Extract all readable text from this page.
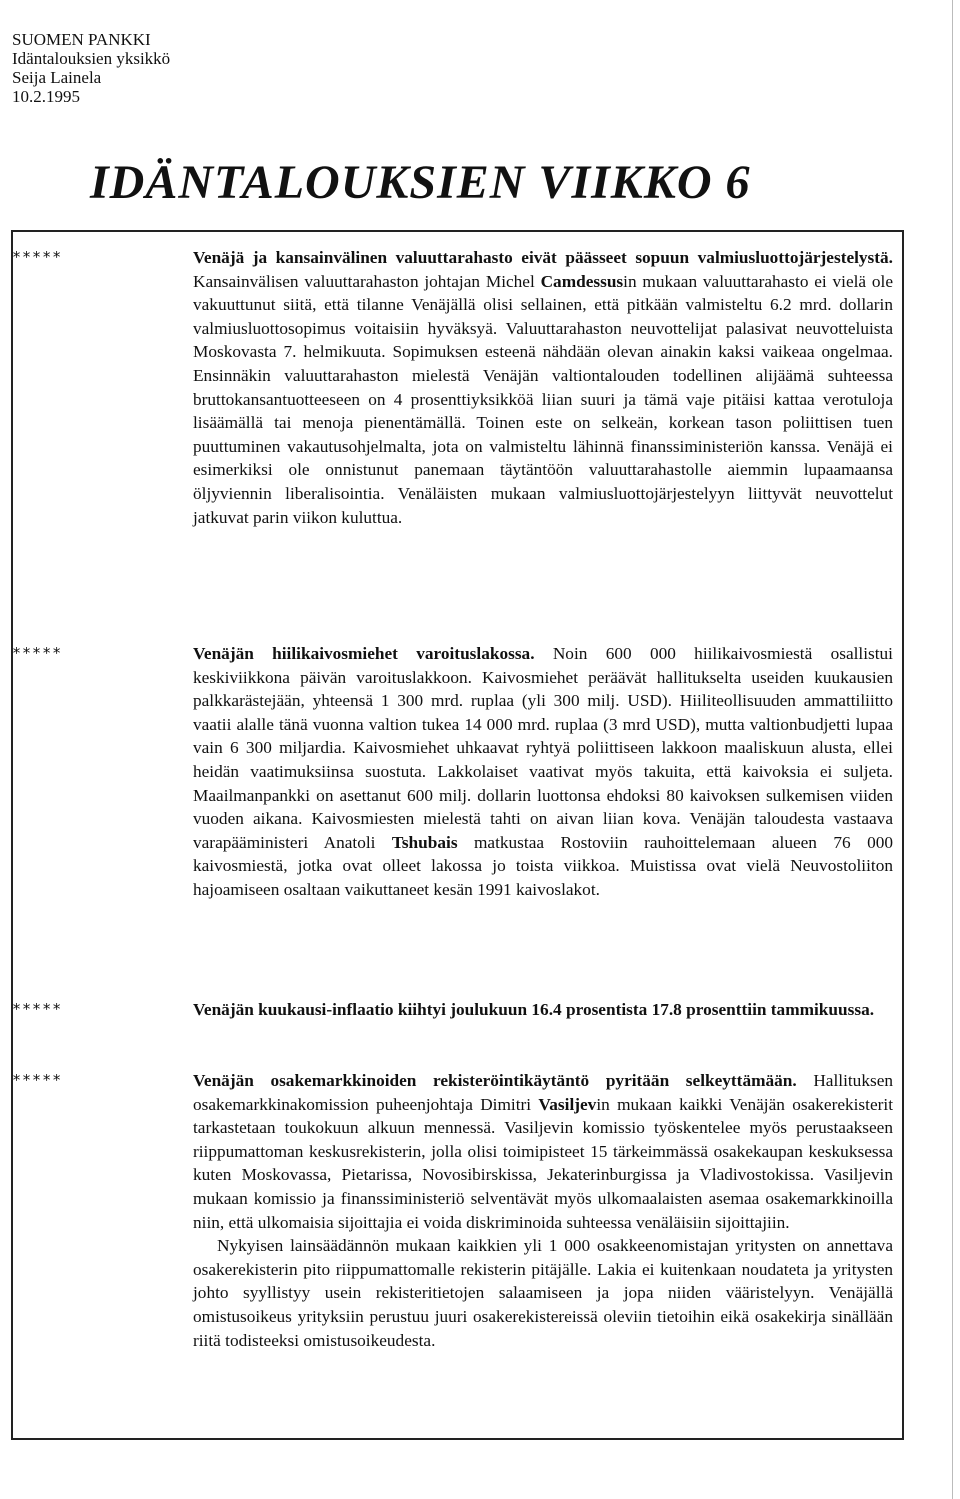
SUOMEN PANKKI
Idäntalouksien yksikkö
Seija Lainela
10.2.1995
IDÄNTALOUKSIEN VIIKKO 6
*****	Venäjä ja kansainvälinen valuuttarahasto eivät päässeet sopuun valmiusluottojärjestelystä. Kansainvälisen valuuttarahaston johtajan Michel Camdessusin mukaan valuuttarahasto ei vielä ole vakuuttunut siitä, että tilanne Venäjällä olisi sellainen, että pitkään valmisteltu 6.2 mrd. dollarin valmiusluottosopimus voitaisiin hyväksyä. Valuuttarahaston neuvottelijat palasivat neuvotteluista Moskovasta 7. helmikuuta. Sopimuksen esteenä nähdään olevan ainakin kaksi vaikeaa ongelmaa. Ensinnäkin valuuttarahaston mielestä Venäjän valtiontalouden todellinen alijäämä suhteessa bruttokansantuotteeseen on 4 prosenttiyksikköä liian suuri ja tämä vaje pitäisi kattaa verotuloja lisäämällä tai menoja pienentämällä. Toinen este on selkeän, korkean tason poliittisen tuen puuttuminen vakautusohjelmalta, jota on valmisteltu lähinnä finanssiministeriön kanssa. Venäjä ei esimerkiksi ole onnistunut panemaan täytäntöön valuuttarahastolle aiemmin lupaamaansa öljyviennin liberalisointia. Venäläisten mukaan valmiusluottojärjestelyyn liittyvät neuvottelut jatkuvat parin viikon kuluttua.

*****	Venäjän hiilikaivosmiehet varoituslakossa. Noin 600 000 hiilikaivosmiestä osallistui keskiviikkona päivän varoituslakkoon. Kaivosmiehet peräävät hallitukselta useiden kuukausien palkkarästejään, yhteensä 1 300 mrd. ruplaa (yli 300 milj. USD). Hiiliteollisuuden ammattiliitto vaatii alalle tänä vuonna valtion tukea 14 000 mrd. ruplaa (3 mrd USD), mutta valtionbudjetti lupaa vain 6 300 miljardia. Kaivosmiehet uhkaavat ryhtyä poliittiseen lakkoon maaliskuun alusta, ellei heidän vaatimuksiinsa suostuta. Lakkolaiset vaativat myös takuita, että kaivoksia ei suljeta. Maailmanpankki on asettanut 600 milj. dollarin luottonsa ehdoksi 80 kaivoksen sulkemisen viiden vuoden aikana. Kaivosmiesten mielestä tahti on aivan liian kova. Venäjän taloudesta vastaava varapääministeri Anatoli Tshubais matkustaa Rostoviin rauhoittelemaan alueen 76 000 kaivosmiestä, jotka ovat olleet lakossa jo toista viikkoa. Muistissa ovat vielä Neuvostoliiton hajoamiseen osaltaan vaikuttaneet kesän 1991 kaivoslakot.

*****	Venäjän kuukausi-inflaatio kiihtyi joulukuun 16.4 prosentista 17.8 prosenttiin tammikuussa.

*****	Venäjän osakemarkkinoiden rekisteröintikäytäntö pyritään selkeyttämään. Hallituksen osakemarkkinakomission puheenjohtaja Dimitri Vasiljevin mukaan kaikki Venäjän osakerekisterit tarkastetaan toukokuun alkuun mennessä. Vasiljevin komissio työskentelee myös perustaakseen riippumattoman keskusrekisterin, jolla olisi toimipisteet 15 tärkeimmässä osakekaupan keskuksessa kuten Moskovassa, Pietarissa, Novosibirskissa, Jekaterinburgissa ja Vladivostokissa. Vasiljevin mukaan komissio ja finanssiministeriö selventävät myös ulkomaalaisten asemaa osakemarkkinoilla niin, että ulkomaisia sijoittajia ei voida diskriminoida suhteessa venäläisiin sijoittajiin.

Nykyisen lainsäädännön mukaan kaikkien yli 1 000 osakkeenomistajan yritysten on annettava osakerekisterin pito riippumattomalle rekisterin pitäjälle. Lakia ei kuitenkaan noudateta ja yritysten johto syyllistyy usein rekisteritietojen salaamiseen ja jopa niiden vääristelyyn. Venäjällä omistusoikeus yrityksiin perustuu juuri osakerekistereissä oleviin tietoihin eikä osakekirja sinällään riitä todisteeksi omistusoikeudesta.
